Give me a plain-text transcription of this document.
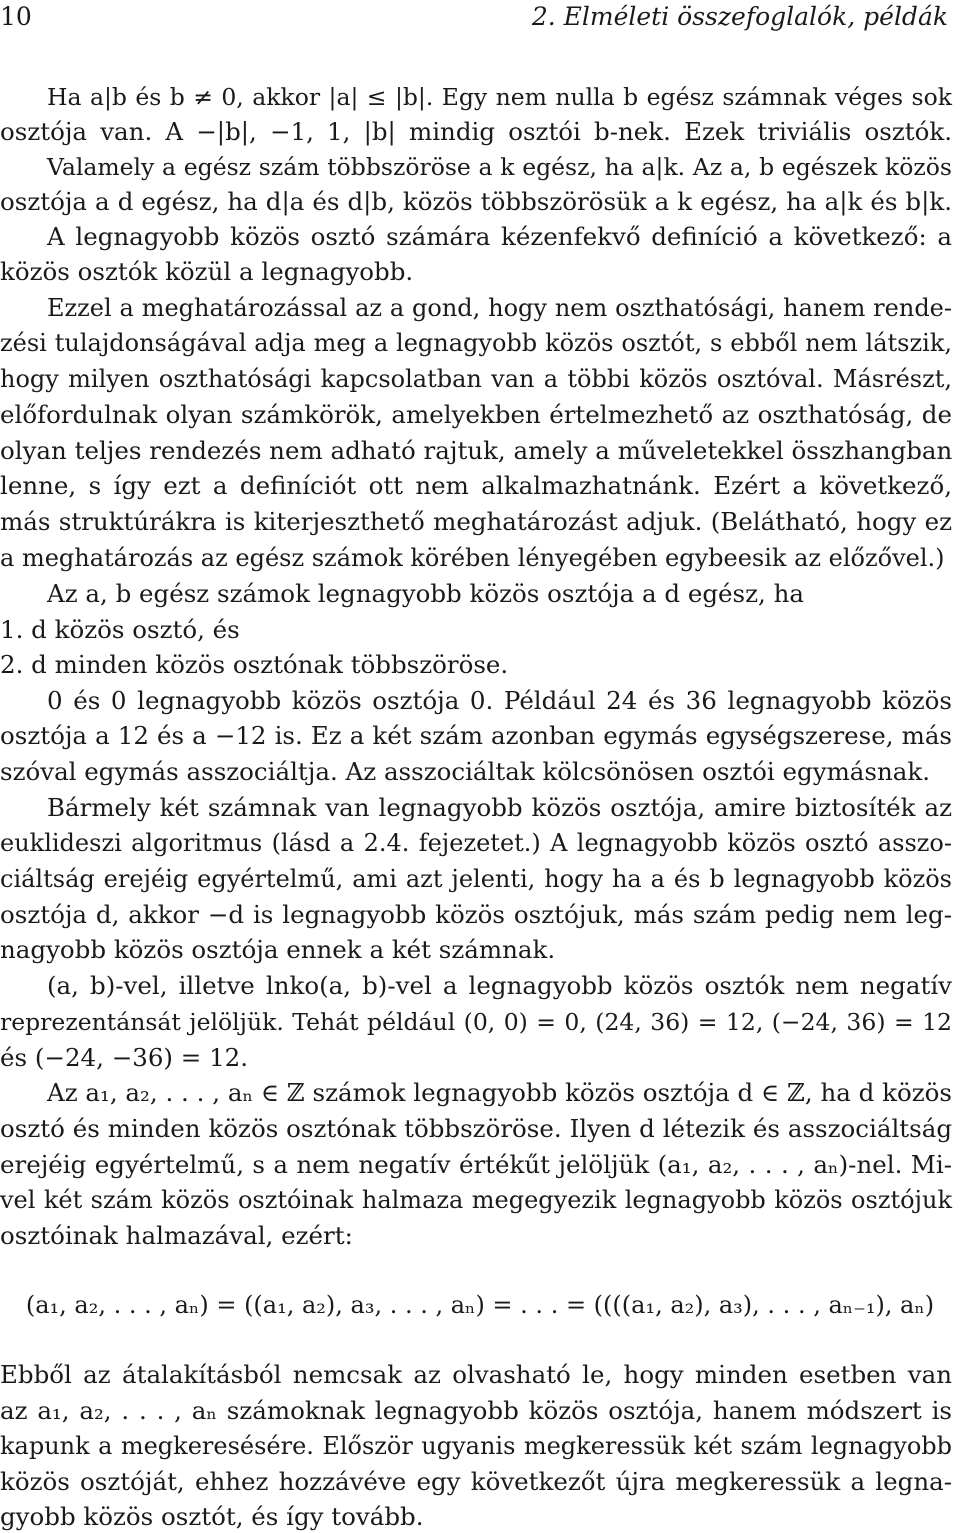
10	2. Elméleti összefoglalók, példák
Ha a|b és b ≠ 0, akkor |a| ≤ |b|. Egy nem nulla b egész számnak véges sok
osztója van. A −|b|, −1, 1, |b| mindig osztói b-nek. Ezek triviális osztók.
Valamely a egész szám többszöröse a k egész, ha a|k. Az a, b egészek közös
osztója a d egész, ha d|a és d|b, közös többszörösük a k egész, ha a|k és b|k.
A legnagyobb közös osztó számára kézenfekvő definíció a következő: a
közös osztók közül a legnagyobb.
Ezzel a meghatározással az a gond, hogy nem oszthatósági, hanem rende-
zési tulajdonságával adja meg a legnagyobb közös osztót, s ebből nem látszik,
hogy milyen oszthatósági kapcsolatban van a többi közös osztóval. Másrészt,
előfordulnak olyan számkörök, amelyekben értelmezhető az oszthatóság, de
olyan teljes rendezés nem adható rajtuk, amely a műveletekkel összhangban
lenne, s így ezt a definíciót ott nem alkalmazhatnánk. Ezért a következő,
más struktúrákra is kiterjeszthető meghatározást adjuk. (Belátható, hogy ez
a meghatározás az egész számok körében lényegében egybeesik az előzővel.)
Az a, b egész számok legnagyobb közös osztója a d egész, ha
1. d közös osztó, és
2. d minden közös osztónak többszöröse.
0 és 0 legnagyobb közös osztója 0. Például 24 és 36 legnagyobb közös
osztója a 12 és a −12 is. Ez a két szám azonban egymás egységszerese, más
szóval egymás asszociáltja. Az asszociáltak kölcsönösen osztói egymásnak.
Bármely két számnak van legnagyobb közös osztója, amire biztosíték az
euklideszi algoritmus (lásd a 2.4. fejezetet.) A legnagyobb közös osztó asszo-
ciáltság erejéig egyértelmű, ami azt jelenti, hogy ha a és b legnagyobb közös
osztója d, akkor −d is legnagyobb közös osztójuk, más szám pedig nem leg-
nagyobb közös osztója ennek a két számnak.
(a, b)-vel, illetve lnko(a, b)-vel a legnagyobb közös osztók nem negatív
reprezentánsát jelöljük. Tehát például (0, 0) = 0, (24, 36) = 12, (−24, 36) = 12
és (−24, −36) = 12.
Az a₁, a₂, . . . , aₙ ∈ ℤ számok legnagyobb közös osztója d ∈ ℤ, ha d közös
osztó és minden közös osztónak többszöröse. Ilyen d létezik és asszociáltság
erejéig egyértelmű, s a nem negatív értékűt jelöljük (a₁, a₂, . . . , aₙ)-nel. Mi-
vel két szám közös osztóinak halmaza megegyezik legnagyobb közös osztójuk
osztóinak halmazával, ezért:
(a₁, a₂, . . . , aₙ) = ((a₁, a₂), a₃, . . . , aₙ) = . . . = ((((a₁, a₂), a₃), . . . , aₙ₋₁), aₙ)
Ebből az átalakításból nemcsak az olvasható le, hogy minden esetben van
az a₁, a₂, . . . , aₙ számoknak legnagyobb közös osztója, hanem módszert is
kapunk a megkeresésére. Először ugyanis megkeressük két szám legnagyobb
közös osztóját, ehhez hozzávéve egy következőt újra megkeressük a legna-
gyobb közös osztót, és így tovább.
